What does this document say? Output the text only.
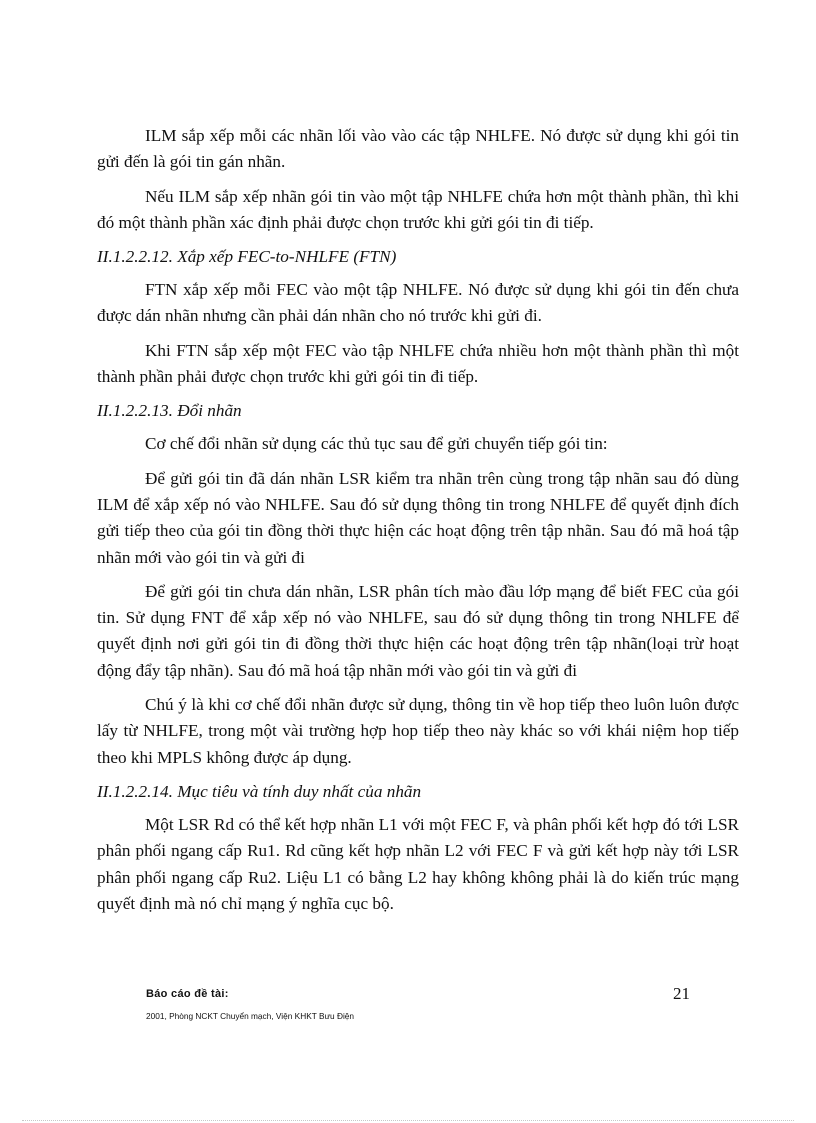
ILM sắp xếp mỗi các nhãn lối vào vào các tập NHLFE. Nó được sử dụng khi gói tin gửi đến là gói tin gán nhãn.

Nếu ILM sắp xếp nhãn gói tin vào một tập NHLFE chứa hơn một thành phần, thì khi đó một thành phần xác định phải được chọn trước khi gửi gói tin đi tiếp.

II.1.2.2.12. Xắp xếp FEC-to-NHLFE (FTN)

FTN xắp xếp mỗi FEC vào một tập NHLFE. Nó được sử dụng khi gói tin đến chưa được dán nhãn nhưng cần phải dán nhãn cho nó trước khi gửi đi.

Khi FTN sắp xếp một FEC vào tập NHLFE chứa nhiều hơn một thành phần thì một thành phần phải được chọn trước khi gửi gói tin đi tiếp.

II.1.2.2.13. Đổi nhãn

Cơ chế đổi nhãn sử dụng các thủ tục sau để gửi chuyển tiếp gói tin:

Để gửi gói tin đã dán nhãn LSR kiểm tra nhãn trên cùng trong tập nhãn sau đó dùng ILM để xắp xếp nó vào NHLFE. Sau đó sử dụng thông tin trong NHLFE để quyết định đích gửi tiếp theo của gói tin đồng thời thực hiện các hoạt động trên tập nhãn. Sau đó mã hoá tập nhãn mới vào gói tin và gửi đi

Để gửi gói tin chưa dán nhãn, LSR phân tích mào đầu lớp mạng để biết FEC của gói tin. Sử dụng FNT để xắp xếp nó vào NHLFE, sau đó sử dụng thông tin trong NHLFE để quyết định nơi gửi gói tin đi đồng thời thực hiện các hoạt động trên tập nhãn(loại trừ hoạt động đẩy tập nhãn). Sau đó mã hoá tập nhãn mới vào gói tin và gửi đi

Chú ý là khi cơ chế đổi nhãn được sử dụng, thông tin về hop tiếp theo luôn luôn được lấy từ NHLFE, trong một vài trường hợp hop tiếp theo này khác so với khái niệm hop tiếp theo khi MPLS không được áp dụng.

II.1.2.2.14. Mục tiêu và tính duy nhất của nhãn

Một LSR Rd có thể kết hợp nhãn L1 với một FEC F, và phân phối kết hợp đó tới LSR phân phối ngang cấp Ru1. Rd cũng kết hợp nhãn L2 với FEC F và gửi kết hợp này tới LSR phân phối ngang cấp Ru2. Liệu L1 có bằng L2 hay không không phải là do kiến trúc mạng quyết định mà nó chỉ mạng ý nghĩa cục bộ.

Báo cáo đề tài:
2001, Phòng NCKT Chuyển mạch, Viện KHKT Bưu Điện
21
